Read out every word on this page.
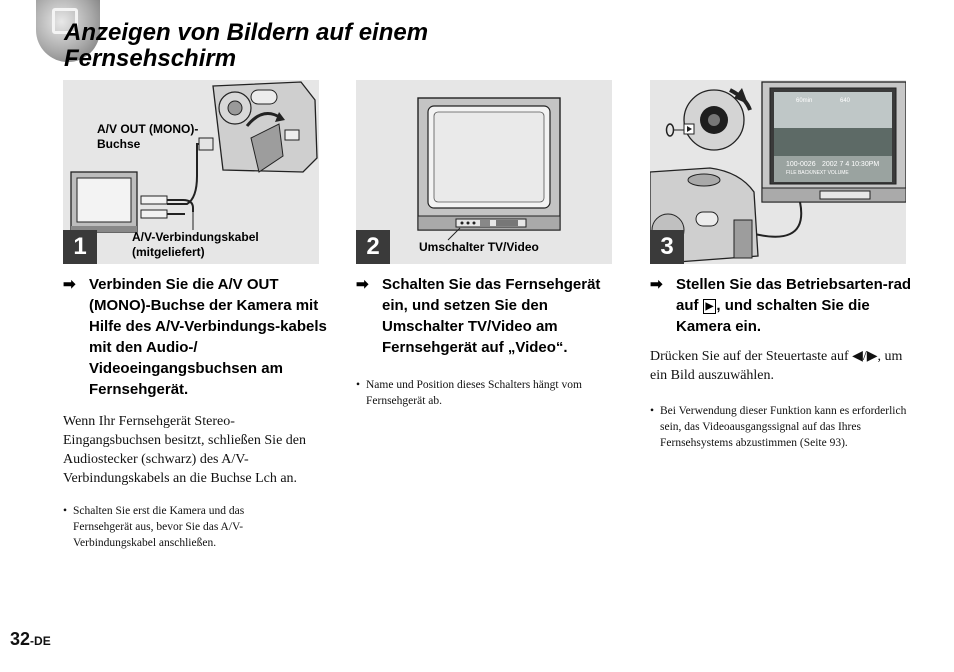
Anzeigen von Bildern auf einem
Fernsehschirm
A/V OUT (MONO)-
Buchse
A/V-Verbindungskabel
(mitgeliefert)
1	Umschalter TV/Video
2
60min	640
100-0026 2002 7 4 10:30PM
FILE BACK/NEXT VOLUME
3
➡ Verbinden Sie die A/V OUT (MONO)-Buchse der Kamera mit Hilfe des A/V-Verbindungs-kabels mit den Audio-/ Videoeingangsbuchsen am Fernsehgerät.
Wenn Ihr Fernsehgerät Stereo-Eingangsbuchsen besitzt, schließen Sie den Audiostecker (schwarz) des A/V-Verbindungskabels an die Buchse Lch an.
• Schalten Sie erst die Kamera und das Fernsehgerät aus, bevor Sie das A/V-Verbindungskabel anschließen.
➡ Schalten Sie das Fernsehgerät ein, und setzen Sie den Umschalter TV/Video am Fernsehgerät auf „Video“.
• Name und Position dieses Schalters hängt vom Fernsehgerät ab.
➡ Stellen Sie das Betriebsarten-rad auf ▶ , und schalten Sie die Kamera ein.
Drücken Sie auf der Steuertaste auf ◀/▶, um ein Bild auszuwählen.
• Bei Verwendung dieser Funktion kann es erforderlich sein, das Videoausgangssignal auf das Ihres Fernsehsystems abzustimmen (Seite 93).
32-DE
